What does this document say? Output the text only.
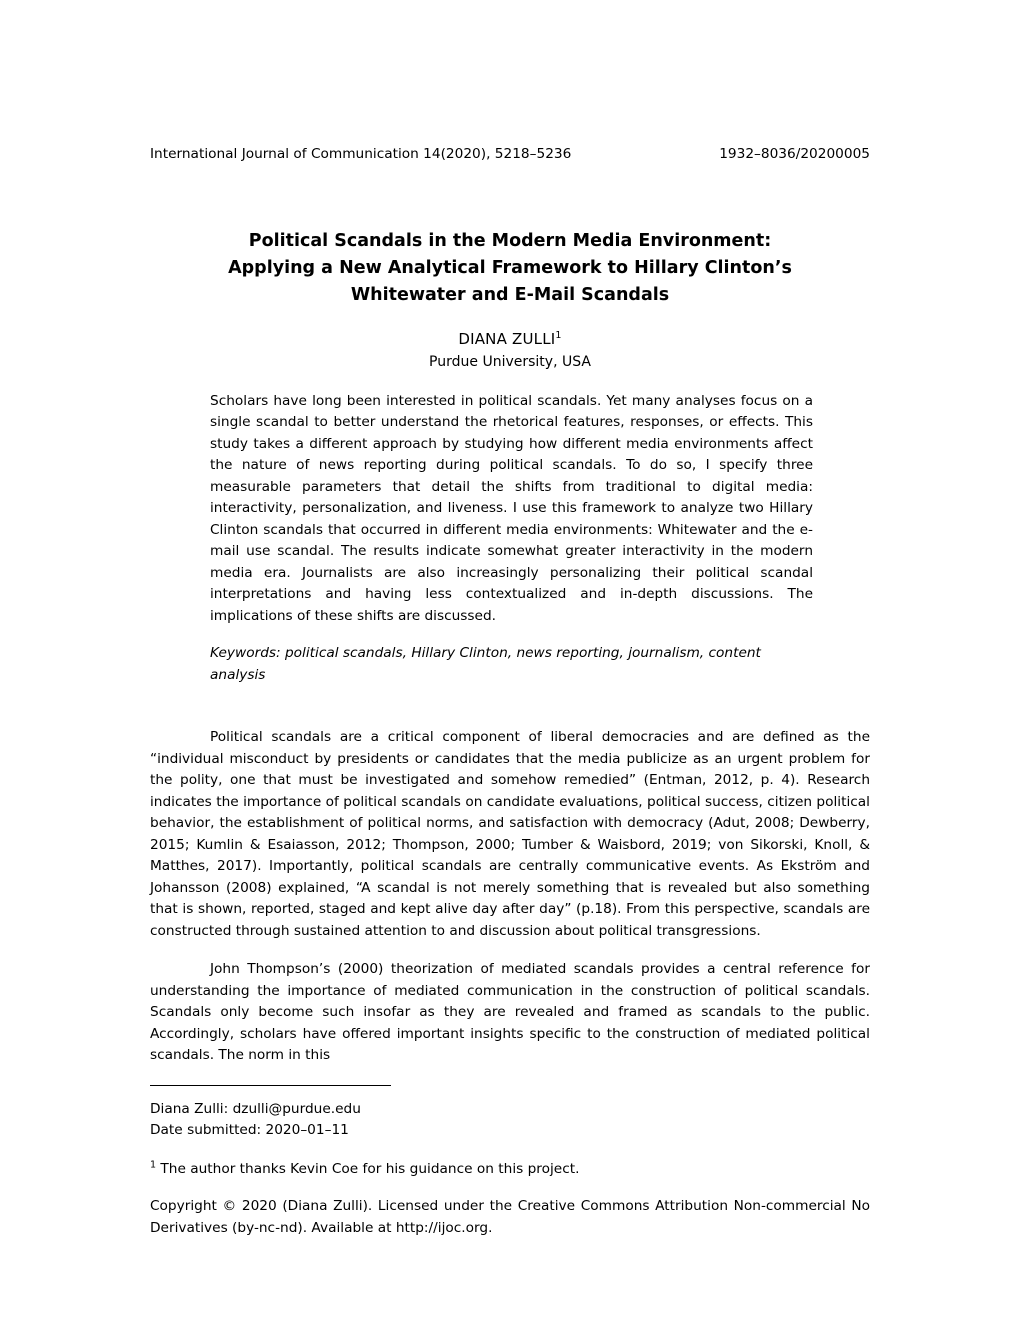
International Journal of Communication 14(2020), 5218–5236	1932–8036/20200005
Political Scandals in the Modern Media Environment:
Applying a New Analytical Framework to Hillary Clinton’s
Whitewater and E-Mail Scandals
DIANA ZULLI$^1$
Purdue University, USA
Scholars have long been interested in political scandals. Yet many analyses focus on a single scandal to better understand the rhetorical features, responses, or effects. This study takes a different approach by studying how different media environments affect the nature of news reporting during political scandals. To do so, I specify three measurable parameters that detail the shifts from traditional to digital media: interactivity, personalization, and liveness. I use this framework to analyze two Hillary Clinton scandals that occurred in different media environments: Whitewater and the e-mail use scandal. The results indicate somewhat greater interactivity in the modern media era. Journalists are also increasingly personalizing their political scandal interpretations and having less contextualized and in-depth discussions. The implications of these shifts are discussed.
Keywords: political scandals, Hillary Clinton, news reporting, journalism, content analysis
Political scandals are a critical component of liberal democracies and are defined as the “individual misconduct by presidents or candidates that the media publicize as an urgent problem for the polity, one that must be investigated and somehow remedied” (Entman, 2012, p. 4). Research indicates the importance of political scandals on candidate evaluations, political success, citizen political behavior, the establishment of political norms, and satisfaction with democracy (Adut, 2008; Dewberry, 2015; Kumlin & Esaiasson, 2012; Thompson, 2000; Tumber & Waisbord, 2019; von Sikorski, Knoll, & Matthes, 2017). Importantly, political scandals are centrally communicative events. As Ekström and Johansson (2008) explained, “A scandal is not merely something that is revealed but also something that is shown, reported, staged and kept alive day after day” (p.18). From this perspective, scandals are constructed through sustained attention to and discussion about political transgressions.
John Thompson’s (2000) theorization of mediated scandals provides a central reference for understanding the importance of mediated communication in the construction of political scandals. Scandals only become such insofar as they are revealed and framed as scandals to the public. Accordingly, scholars have offered important insights specific to the construction of mediated political scandals. The norm in this

Diana Zulli: dzulli@purdue.edu

Date submitted: 2020–01–11

$^1$ The author thanks Kevin Coe for his guidance on this project.

Copyright © 2020 (Diana Zulli). Licensed under the Creative Commons Attribution Non-commercial No Derivatives (by-nc-nd). Available at http://ijoc.org.
